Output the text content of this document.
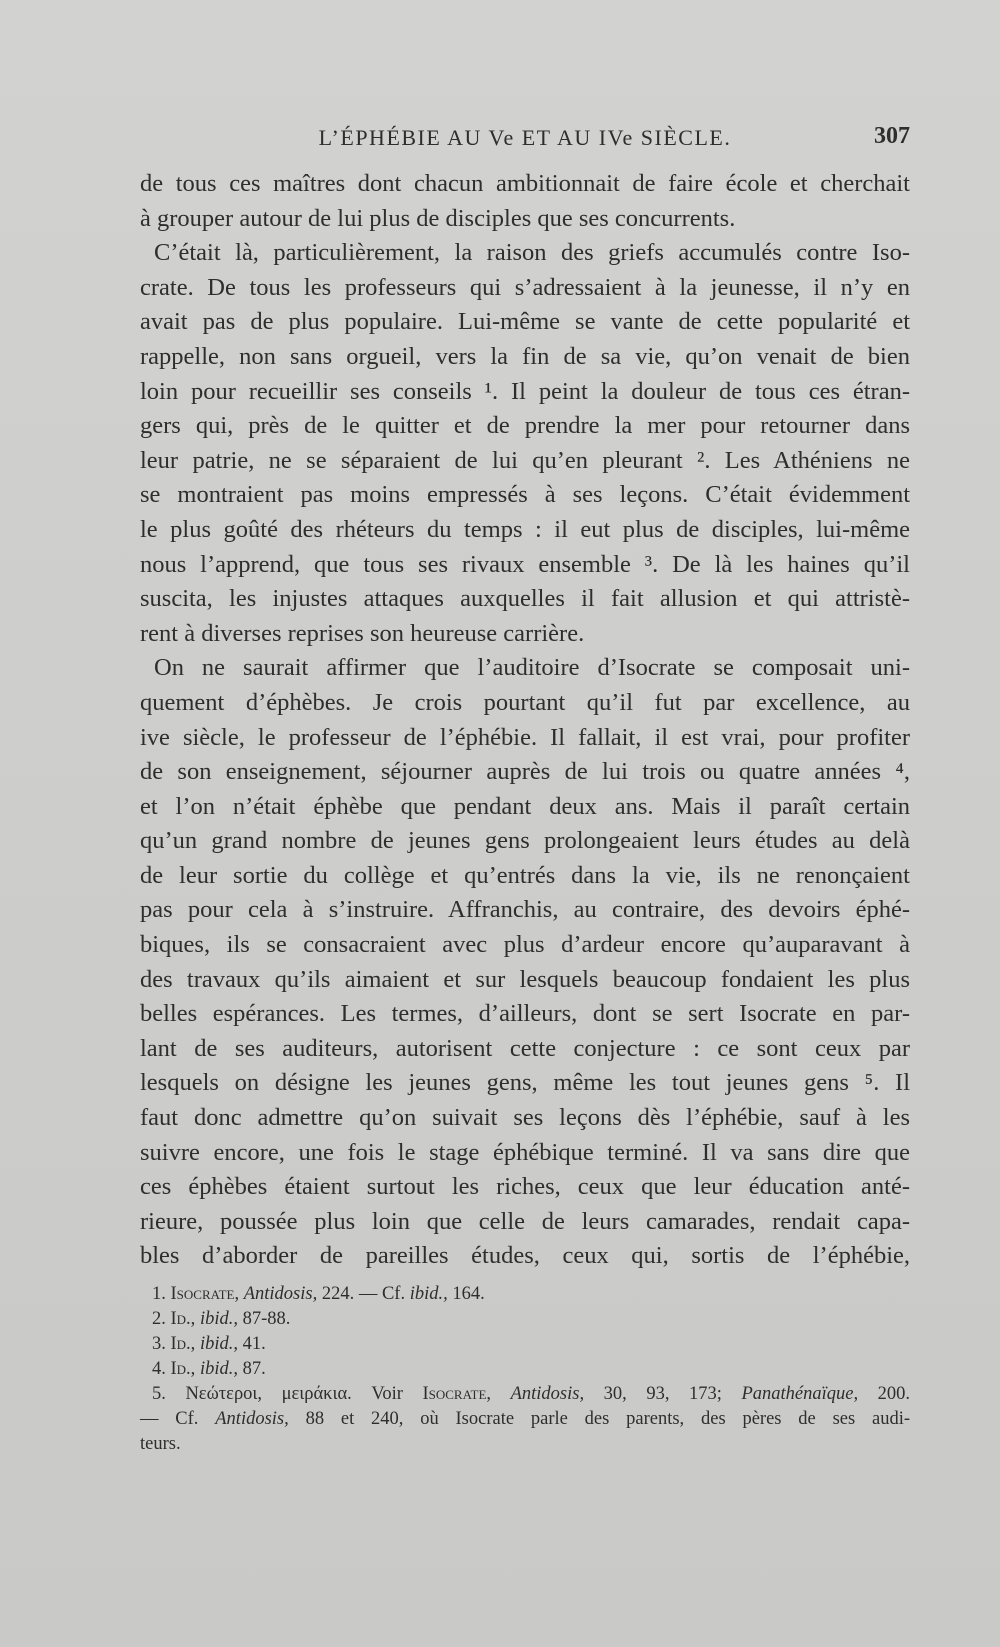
L’ÉPHÉBIE AU Ve ET AU IVe SIÈCLE.	307
de tous ces maîtres dont chacun ambitionnait de faire école et cherchait
à grouper autour de lui plus de disciples que ses concurrents.
C’était là, particulièrement, la raison des griefs accumulés contre Iso-
crate. De tous les professeurs qui s’adressaient à la jeunesse, il n’y en
avait pas de plus populaire. Lui-même se vante de cette popularité et
rappelle, non sans orgueil, vers la fin de sa vie, qu’on venait de bien
loin pour recueillir ses conseils ¹. Il peint la douleur de tous ces étran-
gers qui, près de le quitter et de prendre la mer pour retourner dans
leur patrie, ne se séparaient de lui qu’en pleurant ². Les Athéniens ne
se montraient pas moins empressés à ses leçons. C’était évidemment
le plus goûté des rhéteurs du temps : il eut plus de disciples, lui-même
nous l’apprend, que tous ses rivaux ensemble ³. De là les haines qu’il
suscita, les injustes attaques auxquelles il fait allusion et qui attristè-
rent à diverses reprises son heureuse carrière.
On ne saurait affirmer que l’auditoire d’Isocrate se composait uni-
quement d’éphèbes. Je crois pourtant qu’il fut par excellence, au
ive siècle, le professeur de l’éphébie. Il fallait, il est vrai, pour profiter
de son enseignement, séjourner auprès de lui trois ou quatre années ⁴,
et l’on n’était éphèbe que pendant deux ans. Mais il paraît certain
qu’un grand nombre de jeunes gens prolongeaient leurs études au delà
de leur sortie du collège et qu’entrés dans la vie, ils ne renonçaient
pas pour cela à s’instruire. Affranchis, au contraire, des devoirs éphé-
biques, ils se consacraient avec plus d’ardeur encore qu’auparavant à
des travaux qu’ils aimaient et sur lesquels beaucoup fondaient les plus
belles espérances. Les termes, d’ailleurs, dont se sert Isocrate en par-
lant de ses auditeurs, autorisent cette conjecture : ce sont ceux par
lesquels on désigne les jeunes gens, même les tout jeunes gens ⁵. Il
faut donc admettre qu’on suivait ses leçons dès l’éphébie, sauf à les
suivre encore, une fois le stage éphébique terminé. Il va sans dire que
ces éphèbes étaient surtout les riches, ceux que leur éducation anté-
rieure, poussée plus loin que celle de leurs camarades, rendait capa-
bles d’aborder de pareilles études, ceux qui, sortis de l’éphébie,
1. Isocrate, Antidosis, 224. — Cf. ibid., 164.
2. Id., ibid., 87-88.
3. Id., ibid., 41.
4. Id., ibid., 87.
5. Νεώτεροι, μειράκια. Voir Isocrate, Antidosis, 30, 93, 173; Panathénaïque, 200.
— Cf. Antidosis, 88 et 240, où Isocrate parle des parents, des pères de ses audi-
teurs.
